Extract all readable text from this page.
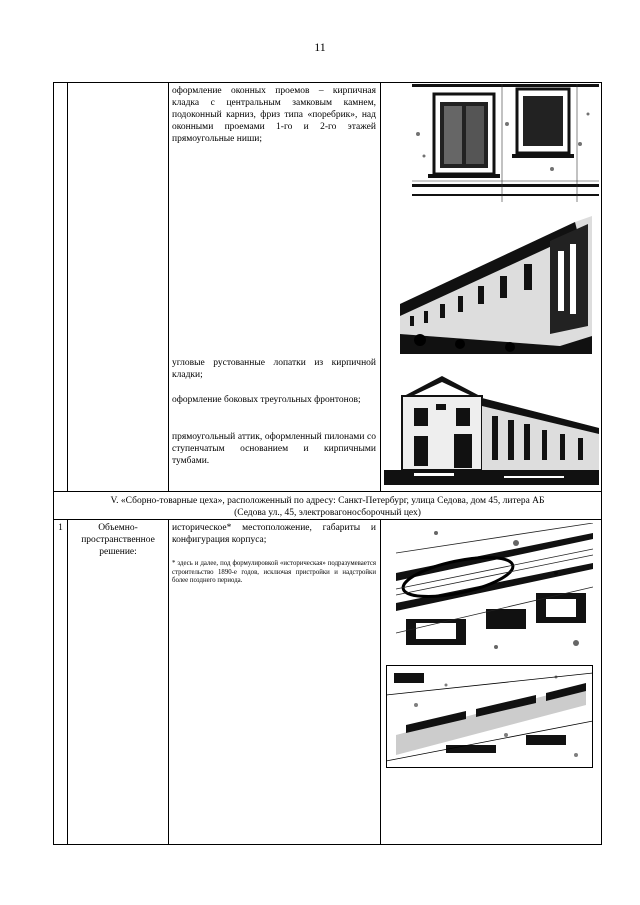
11
оформление оконных проемов – кирпичная кладка с центральным замковым камнем, подоконный карниз, фриз типа «поребрик», над оконными проемами 1-го и 2-го этажей прямоугольные ниши;
угловые рустованные лопатки из кирпичной кладки;
оформление боковых треугольных фронтонов;
прямоугольный аттик, оформленный пилонами со ступенчатым основанием и кирпичными тумбами.
V. «Сборно-товарные цеха», расположенный по адресу: Санкт-Петербург, улица Седова, дом 45, литера АБ
(Седова ул., 45, электровагоносборочный цех)
1	Объемно-пространственное решение:
историческое* местоположение, габариты и конфигурация корпуса;
* здесь и далее, под формулировкой «историческая» подразумевается строительство 1890-е годов, исключая пристройки и надстройки более позднего периода.
